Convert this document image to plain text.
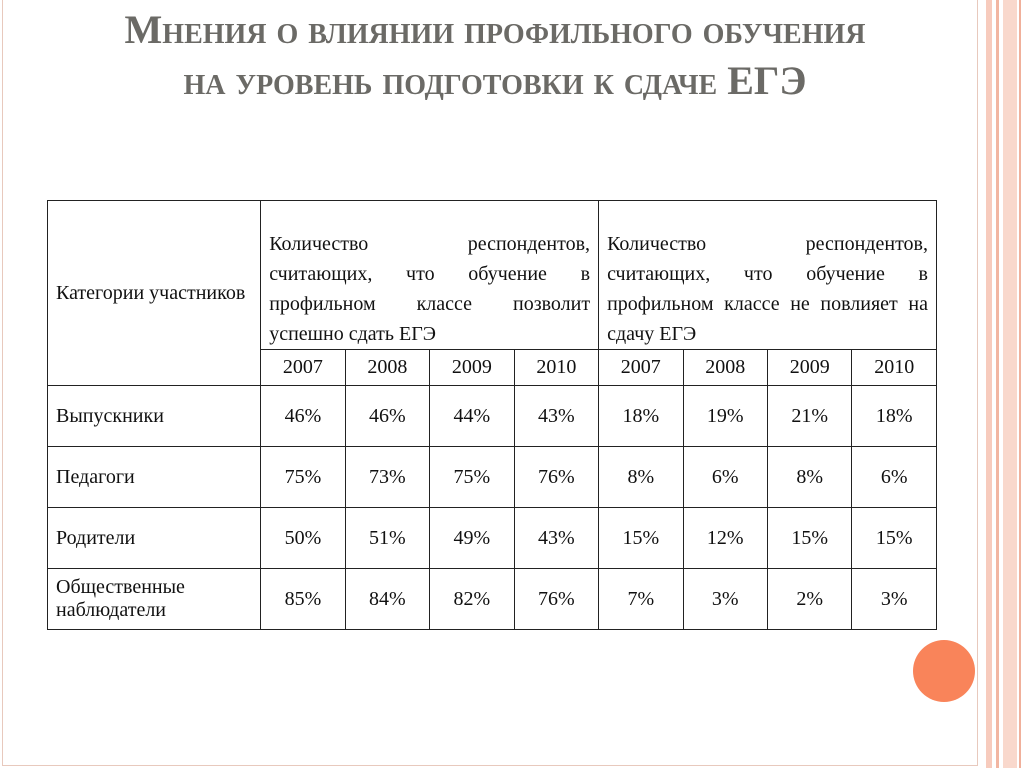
Мнения о влиянии профильного обучения на уровень подготовки к сдаче ЕГЭ
Категории участников	Количество респондентов, считающих, что обучение в профильном классе позволит успешно сдать ЕГЭ				Количество респондентов, считающих, что обучение в профильном классе не повлияет на сдачу ЕГЭ			
	2007	2008	2009	2010	2007	2008	2009	2010
Выпускники	46%	46%	44%	43%	18%	19%	21%	18%
Педагоги	75%	73%	75%	76%	8%	6%	8%	6%
Родители	50%	51%	49%	43%	15%	12%	15%	15%
Общественные наблюдатели	85%	84%	82%	76%	7%	3%	2%	3%
